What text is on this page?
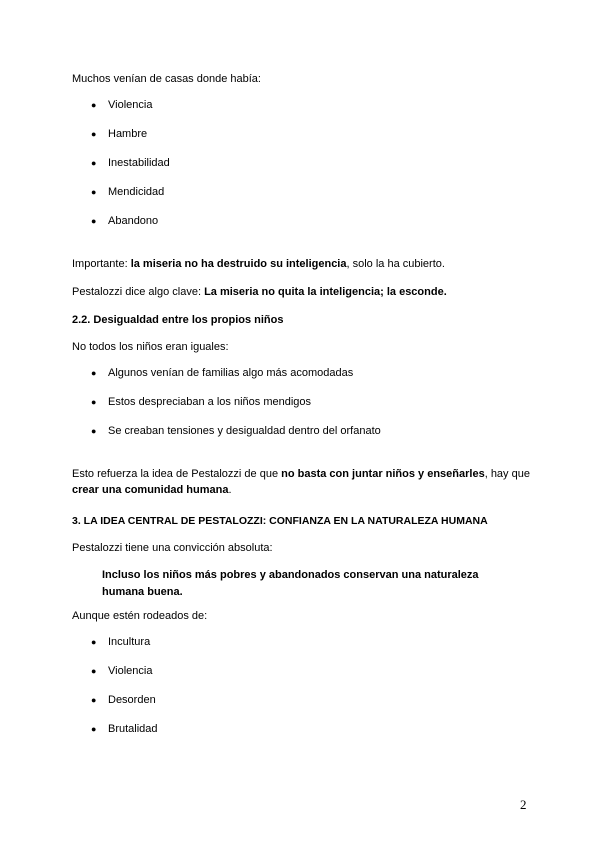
Muchos venían de casas donde había:
● Violencia
● Hambre
● Inestabilidad
● Mendicidad
● Abandono
Importante: la miseria no ha destruido su inteligencia, solo la ha cubierto.
Pestalozzi dice algo clave: La miseria no quita la inteligencia; la esconde.
2.2. Desigualdad entre los propios niños
No todos los niños eran iguales:
● Algunos venían de familias algo más acomodadas
● Estos despreciaban a los niños mendigos
● Se creaban tensiones y desigualdad dentro del orfanato
Esto refuerza la idea de Pestalozzi de que no basta con juntar niños y enseñarles, hay que crear una comunidad humana.
3. LA IDEA CENTRAL DE PESTALOZZI: CONFIANZA EN LA NATURALEZA HUMANA
Pestalozzi tiene una convicción absoluta:
Incluso los niños más pobres y abandonados conservan una naturaleza humana buena.
Aunque estén rodeados de:
● Incultura
● Violencia
● Desorden
● Brutalidad
2
